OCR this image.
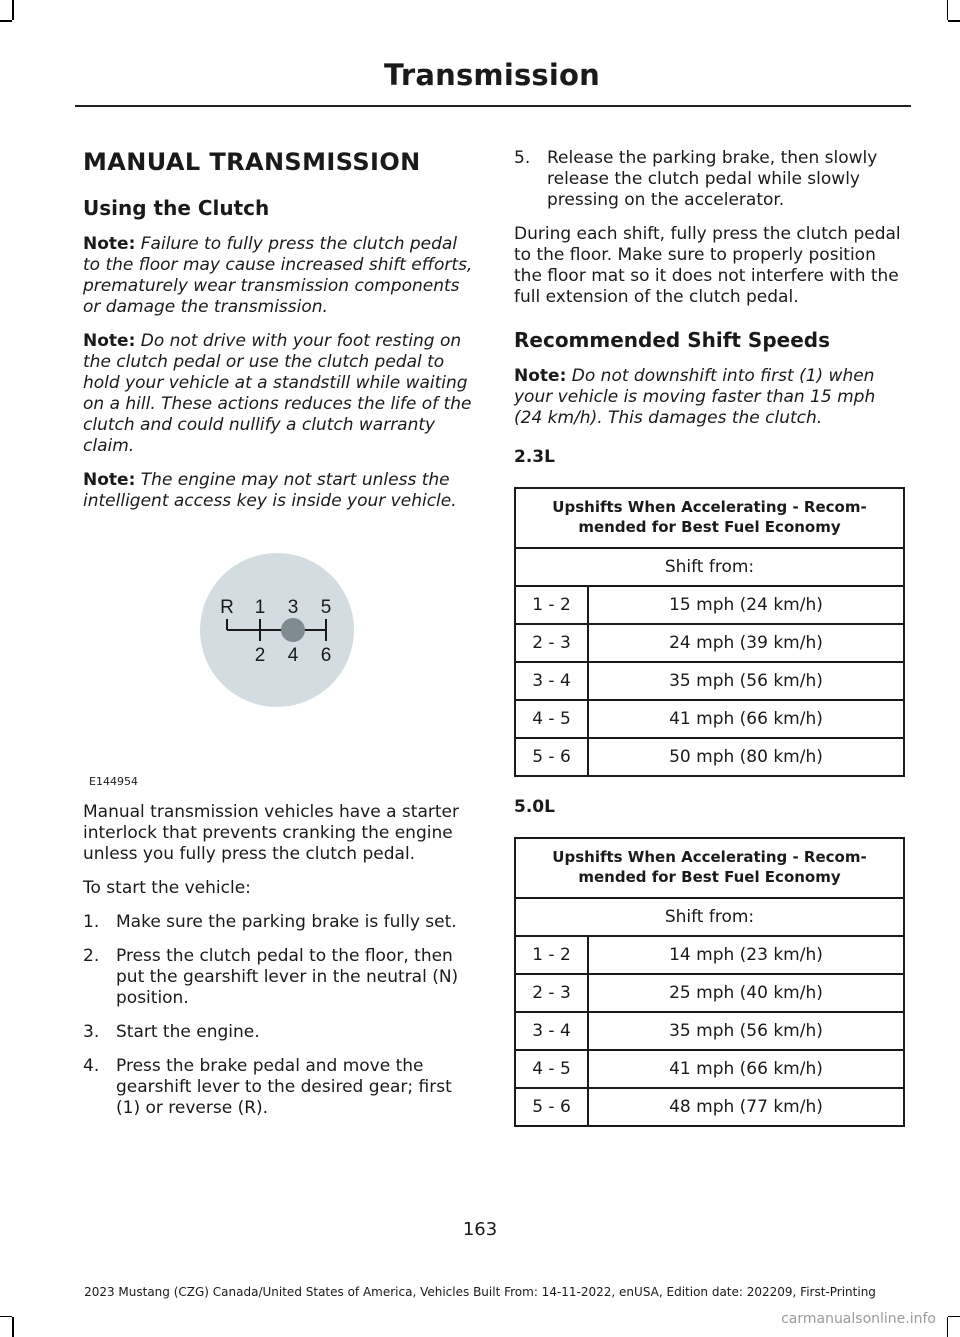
Transmission
MANUAL TRANSMISSION
Using the Clutch

Note: Failure to fully press the clutch pedal to the floor may cause increased shift efforts, prematurely wear transmission components or damage the transmission.

Note: Do not drive with your foot resting on the clutch pedal or use the clutch pedal to hold your vehicle at a standstill while waiting on a hill. These actions reduces the life of the clutch and could nullify a clutch warranty claim.

Note: The engine may not start unless the intelligent access key is inside your vehicle.

R 1 3 5
2 4 6
E144954

Manual transmission vehicles have a starter interlock that prevents cranking the engine unless you fully press the clutch pedal.

To start the vehicle:

1. Make sure the parking brake is fully set.
2. Press the clutch pedal to the floor, then put the gearshift lever in the neutral (N) position.
3. Start the engine.
4. Press the brake pedal and move the gearshift lever to the desired gear; first (1) or reverse (R).
5. Release the parking brake, then slowly release the clutch pedal while slowly pressing on the accelerator.

During each shift, fully press the clutch pedal to the floor. Make sure to properly position the floor mat so it does not interfere with the full extension of the clutch pedal.

Recommended Shift Speeds

Note: Do not downshift into first (1) when your vehicle is moving faster than 15 mph (24 km/h). This damages the clutch.

2.3L
Upshifts When Accelerating - Recom-mended for Best Fuel Economy	
Shift from:	
1 - 2	15 mph (24 km/h)
2 - 3	24 mph (39 km/h)
3 - 4	35 mph (56 km/h)
4 - 5	41 mph (66 km/h)
5 - 6	50 mph (80 km/h)
5.0L
Upshifts When Accelerating - Recom-mended for Best Fuel Economy	
Shift from:	
1 - 2	14 mph (23 km/h)
2 - 3	25 mph (40 km/h)
3 - 4	35 mph (56 km/h)
4 - 5	41 mph (66 km/h)
5 - 6	48 mph (77 km/h)
163
2023 Mustang (CZG) Canada/United States of America, Vehicles Built From: 14-11-2022, enUSA, Edition date: 202209, First-Printing
carmanualsonline.info
